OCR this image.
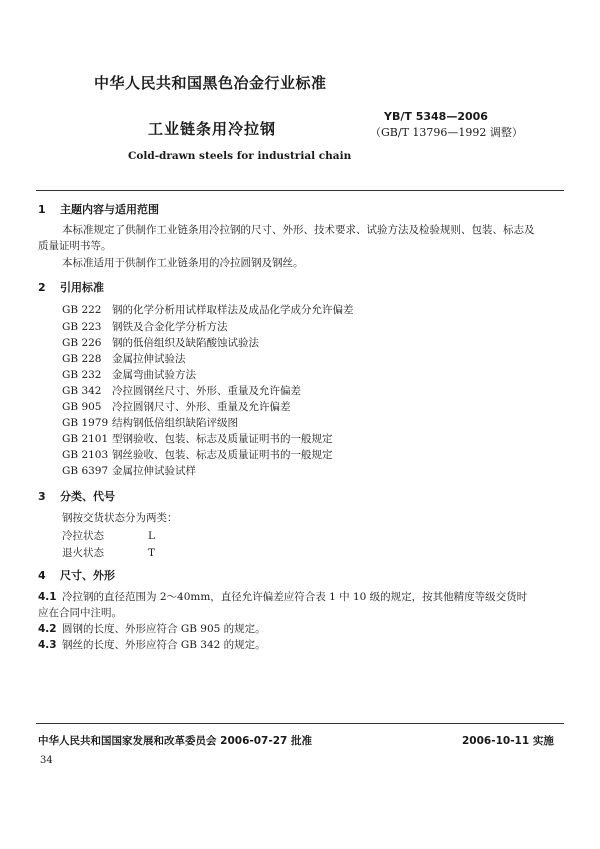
中华人民共和国黑色冶金行业标准
YB/T 5348—2006
工业链条用冷拉钢	（GB/T 13796—1992 调整）
Cold-drawn steels for industrial chain
1 主题内容与适用范围
本标准规定了供制作工业链条用冷拉钢的尺寸、外形、技术要求、试验方法及检验规则、包装、标志及
质量证明书等。
本标准适用于供制作工业链条用的冷拉圆钢及钢丝。
2 引用标准
GB 222 钢的化学分析用试样取样法及成品化学成分允许偏差
GB 223 钢铁及合金化学分析方法
GB 226 钢的低倍组织及缺陷酸蚀试验法
GB 228 金属拉伸试验法
GB 232 金属弯曲试验方法
GB 342 冷拉圆钢丝尺寸、外形、重量及允许偏差
GB 905 冷拉圆钢尺寸、外形、重量及允许偏差
GB 1979 结构钢低倍组织缺陷评级图
GB 2101 型钢验收、包装、标志及质量证明书的一般规定
GB 2103 钢丝验收、包装、标志及质量证明书的一般规定
GB 6397 金属拉伸试验试样
3 分类、代号
钢按交货状态分为两类：
冷拉状态	L
退火状态	T
4 尺寸、外形
4.1 冷拉钢的直径范围为 2～40mm，直径允许偏差应符合表 1 中 10 级的规定，按其他精度等级交货时
应在合同中注明。
4.2 圆钢的长度、外形应符合 GB 905 的规定。
4.3 钢丝的长度、外形应符合 GB 342 的规定。
中华人民共和国国家发展和改革委员会 2006-07-27 批准	2006-10-11 实施
34
